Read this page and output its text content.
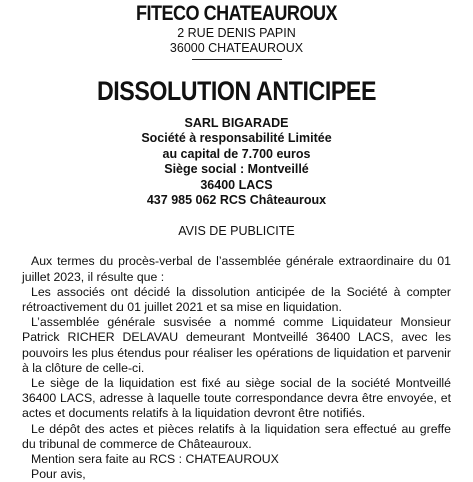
FITECO CHATEAUROUX
2 RUE DENIS PAPIN
36000 CHATEAUROUX
DISSOLUTION ANTICIPEE
SARL BIGARADE
Société à responsabilité Limitée
au capital de 7.700 euros
Siège social : Montveillé
36400 LACS
437 985 062 RCS Châteauroux
AVIS DE PUBLICITE

Aux termes du procès-verbal de l’assemblée générale extraordinaire du 01 juillet 2023, il résulte que :

Les associés ont décidé la dissolution anticipée de la Société à compter rétroactivement du 01 juillet 2021 et sa mise en liquidation.

L’assemblée générale susvisée a nommé comme Liquidateur Monsieur Patrick RICHER DELAVAU demeurant Montveillé 36400 LACS, avec les pouvoirs les plus étendus pour réaliser les opérations de liquidation et parvenir à la clôture de celle-ci.

Le siège de la liquidation est fixé au siège social de la société Montveillé 36400 LACS, adresse à laquelle toute correspondance devra être envoyée, et actes et documents relatifs à la liquidation devront être notifiés.

Le dépôt des actes et pièces relatifs à la liquidation sera effectué au greffe du tribunal de commerce de Châteauroux.

Mention sera faite au RCS : CHATEAUROUX

Pour avis,
